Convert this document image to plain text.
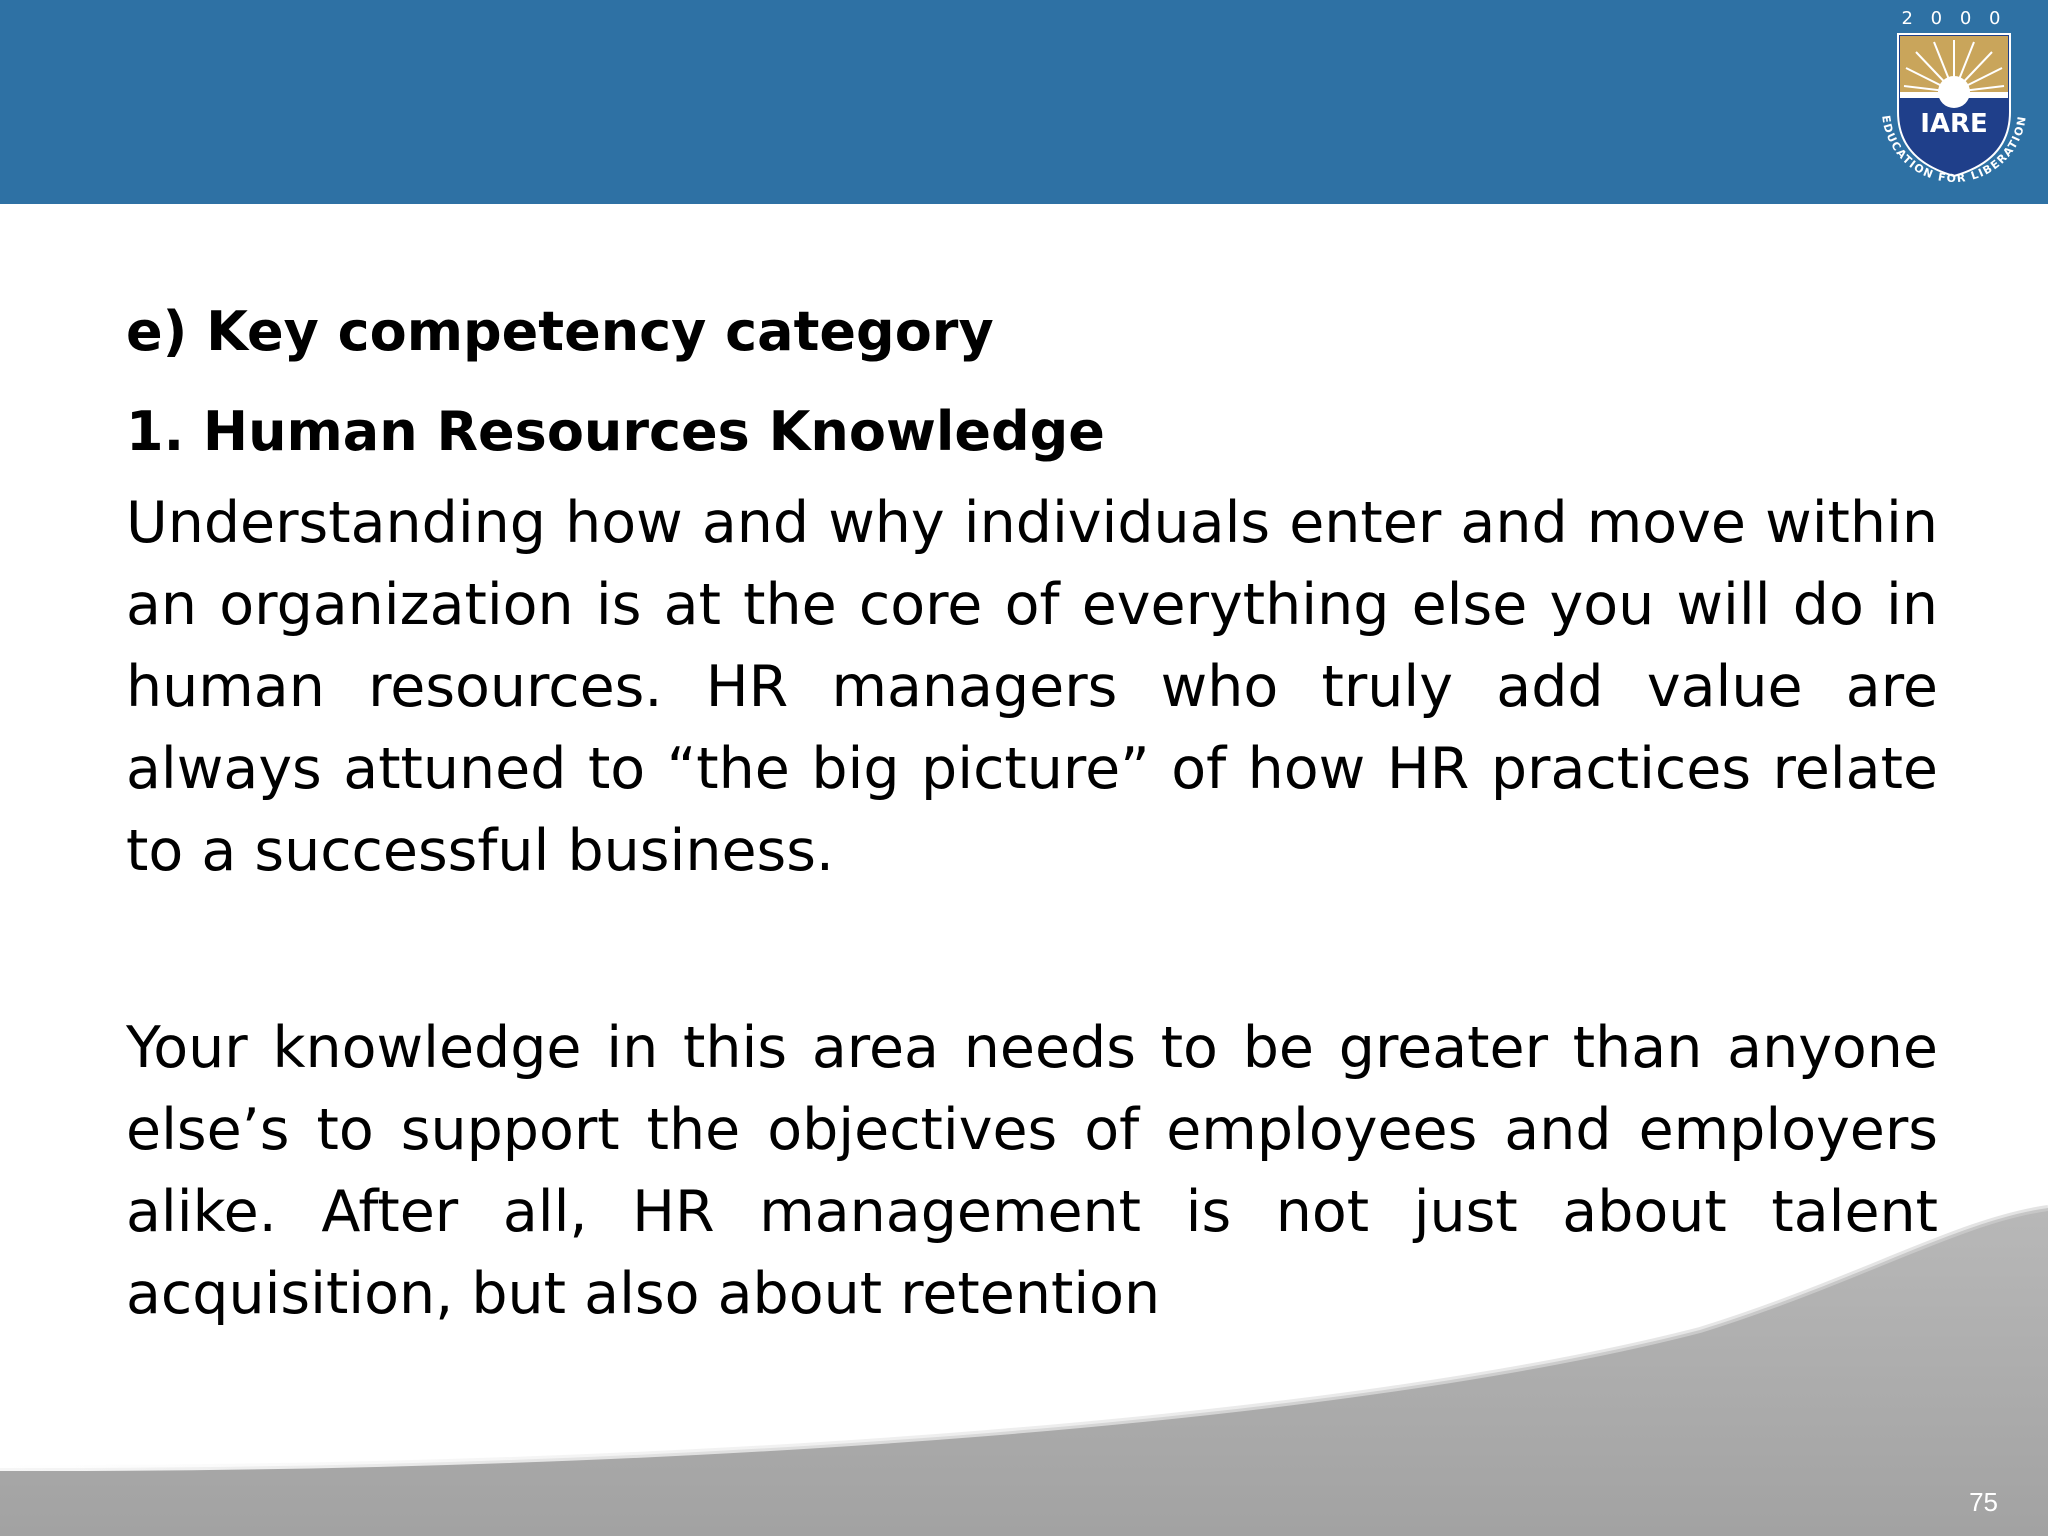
2 0 0 0
IARE
EDUCATION FOR LIBERATION

e) Key competency category

1. Human Resources Knowledge

Understanding how and why individuals enter and move within an organization is at the core of everything else you will do in human resources. HR managers who truly add value are always attuned to “the big picture” of how HR practices relate to a successful business.

Your knowledge in this area needs to be greater than anyone else’s to support the objectives of employees and employers alike. After all, HR management is not just about talent acquisition, but also about retention

75
